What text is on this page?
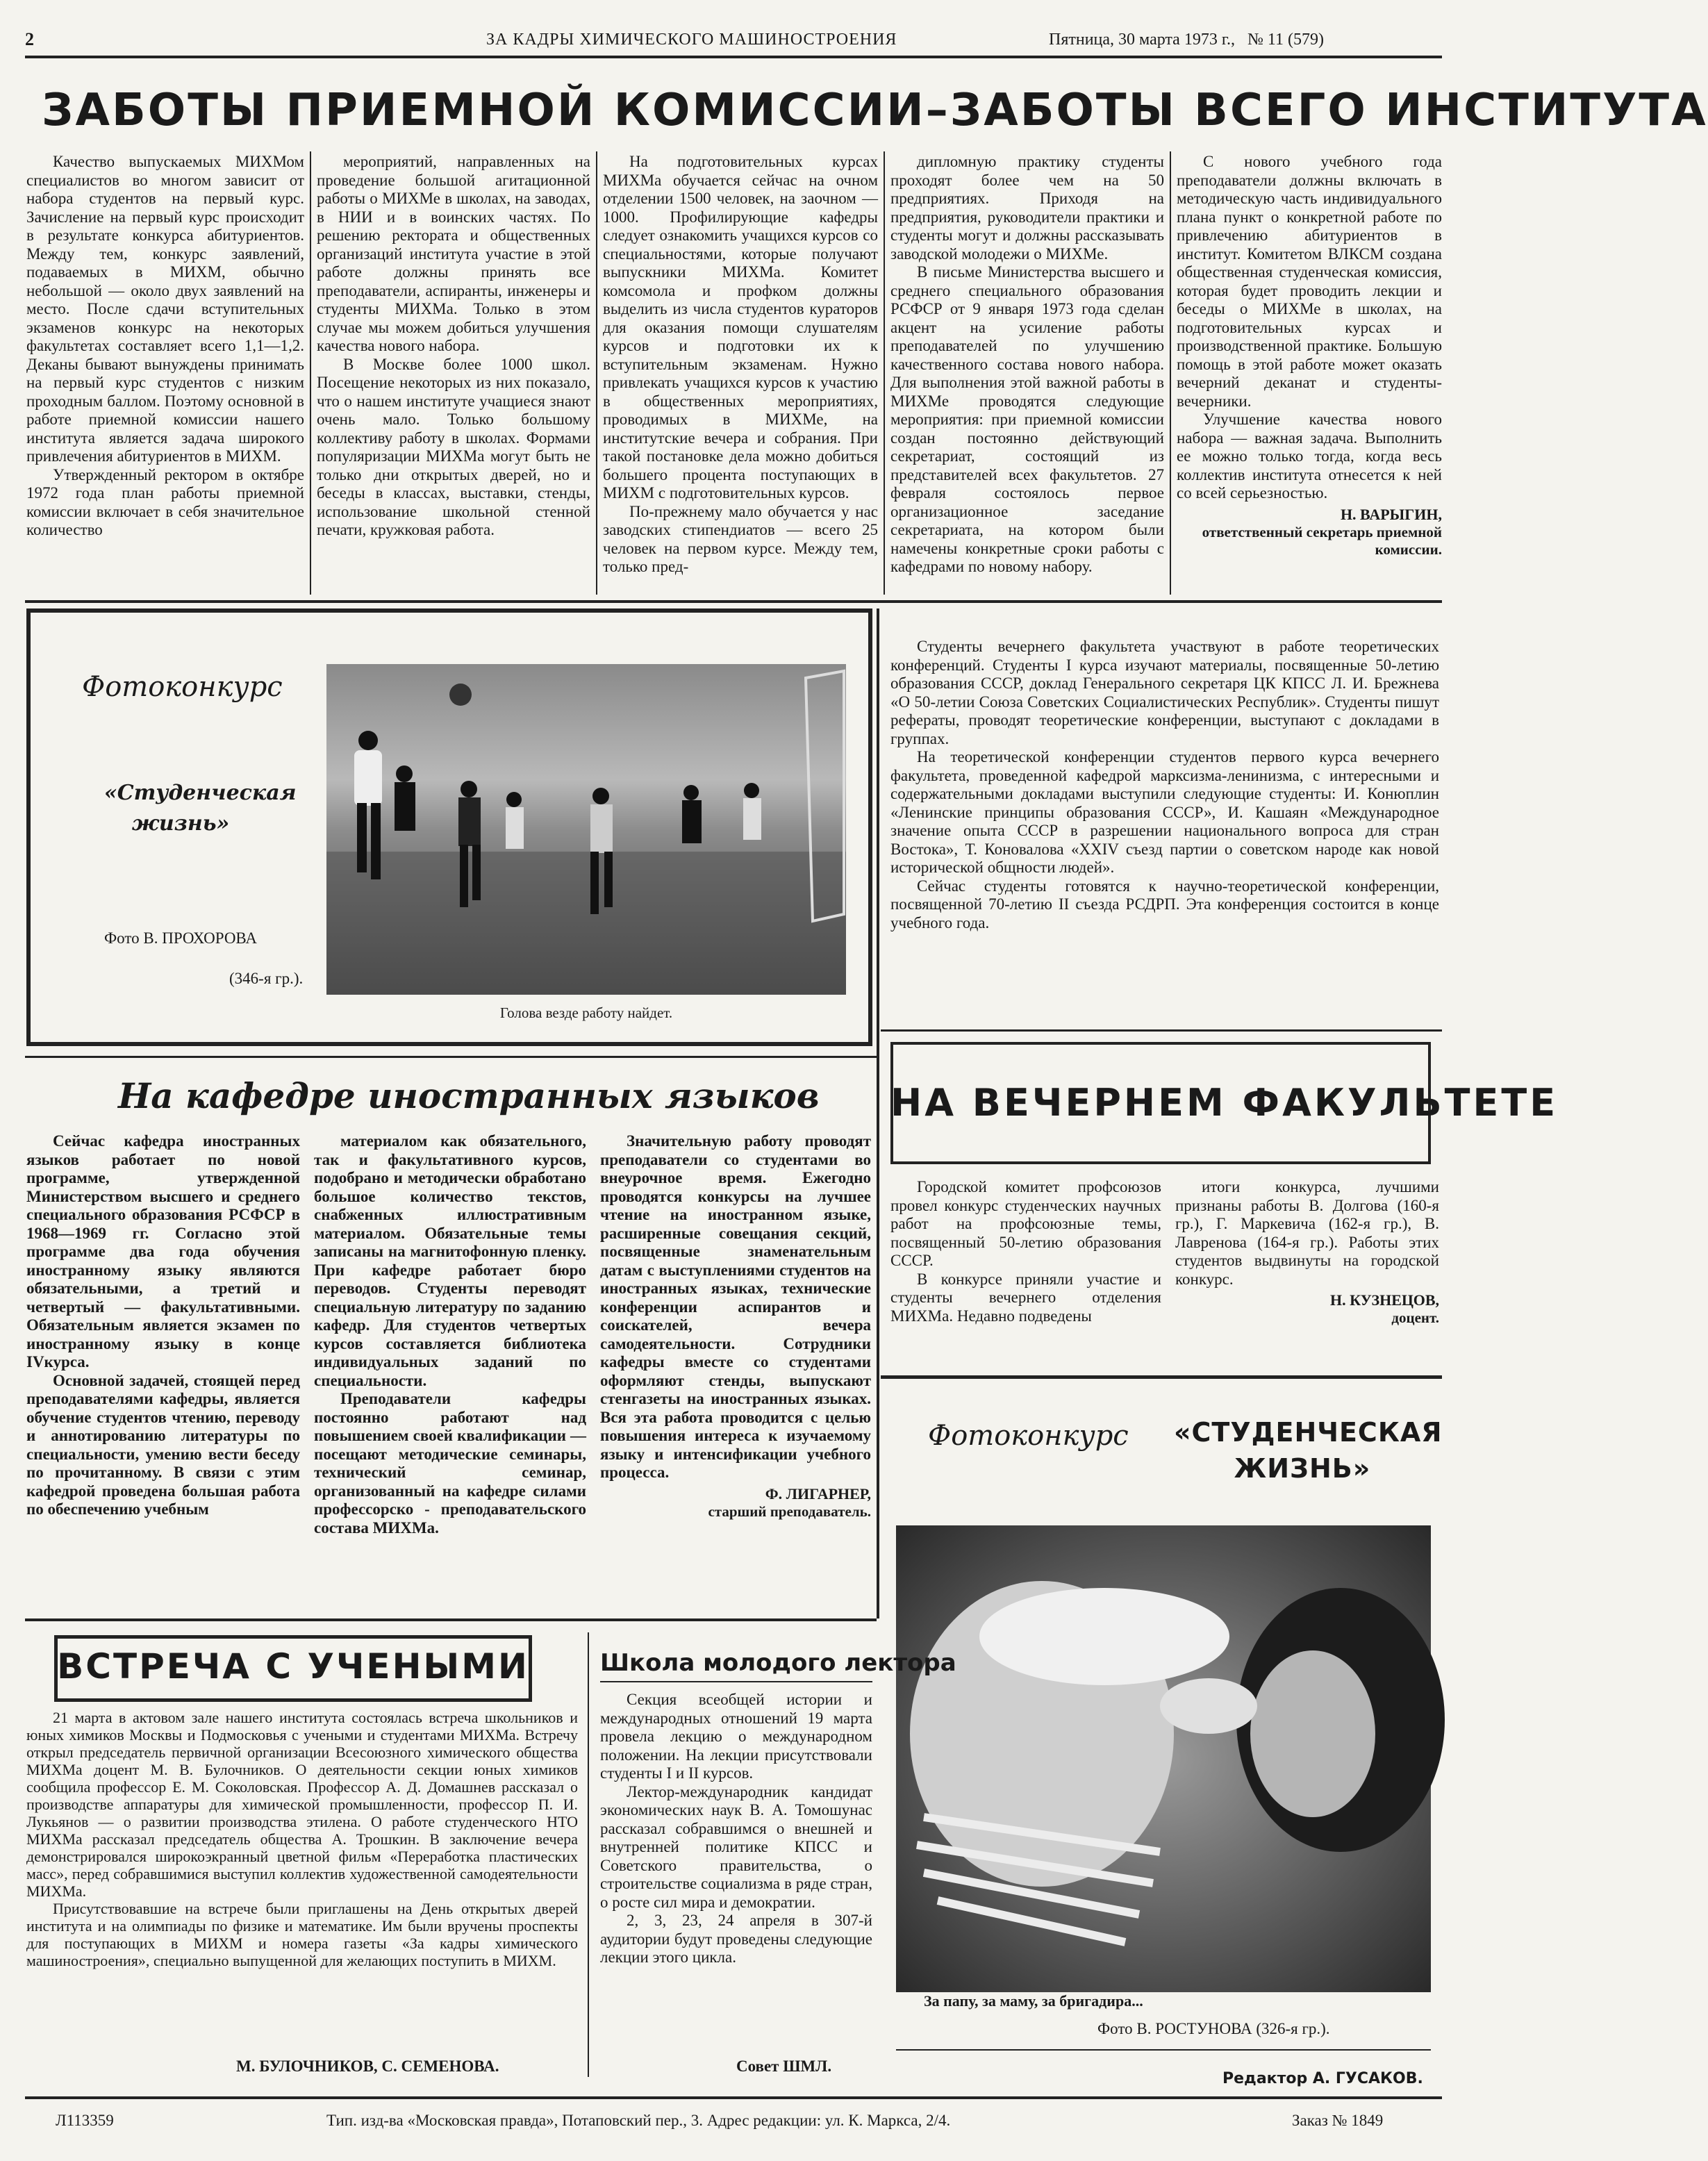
2	ЗА КАДРЫ ХИМИЧЕСКОГО МАШИНОСТРОЕНИЯ	Пятница, 30 марта 1973 г.,   № 11 (579)
ЗАБОТЫ ПРИЕМНОЙ КОМИССИИ–ЗАБОТЫ ВСЕГО ИНСТИТУТА

Качество выпускаемых МИХМом специалистов во многом зависит от набора студентов на первый курс. Зачисление на первый курс происходит в результате конкурса абитуриентов. Между тем, конкурс заявлений, подаваемых в МИХМ, обычно небольшой — около двух заявлений на место. После сдачи вступительных экзаменов конкурс на некоторых факультетах составляет всего 1,1—1,2. Деканы бывают вынуждены принимать на первый курс студентов с низким проходным баллом. Поэтому основной в работе приемной комиссии нашего института является задача широкого привлечения абитуриентов в МИХМ.

Утвержденный ректором в октябре 1972 года план работы приемной комиссии включает в себя значительное количество

мероприятий, направленных на проведение большой агитационной работы о МИХМе в школах, на заводах, в НИИ и в воинских частях. По решению ректората и общественных организаций института участие в этой работе должны принять все преподаватели, аспиранты, инженеры и студенты МИХМа. Только в этом случае мы можем добиться улучшения качества нового набора.

В Москве более 1000 школ. Посещение некоторых из них показало, что о нашем институте учащиеся знают очень мало. Только большому коллективу работу в школах. Формами популяризации МИХМа могут быть не только дни открытых дверей, но и беседы в классах, выставки, стенды, использование школьной стенной печати, кружковая работа.

На подготовительных курсах МИХМа обучается сейчас на очном отделении 1500 человек, на заочном — 1000. Профилирующие кафедры следует ознакомить учащихся курсов со специальностями, которые получают выпускники МИХМа. Комитет комсомола и профком должны выделить из числа студентов кураторов для оказания помощи слушателям курсов и подготовки их к вступительным экзаменам. Нужно привлекать учащихся курсов к участию в общественных мероприятиях, проводимых в МИХМе, на институтские вечера и собрания. При такой постановке дела можно добиться большего процента поступающих в МИХМ с подготовительных курсов.

По-прежнему мало обучается у нас заводских стипендиатов — всего 25 человек на первом курсе. Между тем, только пред-

дипломную практику студенты проходят более чем на 50 предприятиях. Приходя на предприятия, руководители практики и студенты могут и должны рассказывать заводской молодежи о МИХМе.

В письме Министерства высшего и среднего специального образования РСФСР от 9 января 1973 года сделан акцент на усиление работы преподавателей по улучшению качественного состава нового набора. Для выполнения этой важной работы в МИХМе проводятся следующие мероприятия: при приемной комиссии создан постоянно действующий секретариат, состоящий из представителей всех факультетов. 27 февраля состоялось первое организационное заседание секретариата, на котором были намечены конкретные сроки работы с кафедрами по новому набору.

С нового учебного года преподаватели должны включать в методическую часть индивидуального плана пункт о конкретной работе по привлечению абитуриентов в институт. Комитетом ВЛКСМ создана общественная студенческая комиссия, которая будет проводить лекции и беседы о МИХМе в школах, на подготовительных курсах и производственной практике. Большую помощь в этой работе может оказать вечерний деканат и студенты-вечерники.

Улучшение качества нового набора — важная задача. Выполнить ее можно только тогда, когда весь коллектив института отнесется к ней со всей серьезностью.

Н. ВАРЫГИН,

ответственный секретарь приемной комиссии.

Фотоконкурс
«Студенческая жизнь»
Фото В. ПРОХОРОВА
(346-я гр.).
Голова везде работу найдет.

Студенты вечернего факультета участвуют в работе теоретических конференций. Студенты I курса изучают материалы, посвященные 50-летию образования СССР, доклад Генерального секретаря ЦК КПСС Л. И. Брежнева «О 50-летии Союза Советских Социалистических Республик». Студенты пишут рефераты, проводят теоретические конференции, выступают с докладами в группах.

На теоретической конференции студентов первого курса вечернего факультета, проведенной кафедрой марксизма-ленинизма, с интересными и содержательными докладами выступили следующие студенты: И. Конюплин «Ленинские принципы образования СССР», И. Кашаян «Международное значение опыта СССР в разрешении национального вопроса для стран Востока», Т. Коновалова «XXIV съезд партии о советском народе как новой исторической общности людей».

Сейчас студенты готовятся к научно-теоретической конференции, посвященной 70-летию II съезда РСДРП. Эта конференция состоится в конце учебного года.

На кафедре иностранных языков

Сейчас кафедра иностранных языков работает по новой программе, утвержденной Министерством высшего и среднего специального образования РСФСР в 1968—1969 гг. Согласно этой программе два года обучения иностранному языку являются обязательными, а третий и четвертый — факультативными. Обязательным является экзамен по иностранному языку в конце IVкурса.

Основной задачей, стоящей перед преподавателями кафедры, является обучение студентов чтению, переводу и аннотированию литературы по специальности, умению вести беседу по прочитанному. В связи с этим кафедрой проведена большая работа по обеспечению учебным

материалом как обязательного, так и факультативного курсов, подобрано и методически обработано большое количество текстов, снабженных иллюстративным материалом. Обязательные темы записаны на магнитофонную пленку. При кафедре работает бюро переводов. Студенты переводят специальную литературу по заданию кафедр. Для студентов четвертых курсов составляется библиотека индивидуальных заданий по специальности.

Преподаватели кафедры постоянно работают над повышением своей квалификации — посещают методические семинары, технический семинар, организованный на кафедре силами профессорско - преподавательского состава МИХМа.

Значительную работу проводят преподаватели со студентами во внеурочное время. Ежегодно проводятся конкурсы на лучшее чтение на иностранном языке, расширенные совещания секций, посвященные знаменательным датам с выступлениями студентов на иностранных языках, технические конференции аспирантов и соискателей, вечера самодеятельности. Сотрудники кафедры вместе со студентами оформляют стенды, выпускают стенгазеты на иностранных языках. Вся эта работа проводится с целью повышения интереса к изучаемому языку и интенсификации учебного процесса.

Ф. ЛИГАРНЕР,

старший преподаватель.

НА ВЕЧЕРНЕМ ФАКУЛЬТЕТЕ

Городской комитет профсоюзов провел конкурс студенческих научных работ на профсоюзные темы, посвященный 50-летию образования СССР.

В конкурсе приняли участие и студенты вечернего отделения МИХМа. Недавно подведены

итоги конкурса, лучшими признаны работы В. Долгова (160-я гр.), Г. Маркевича (162-я гр.), В. Лавренова (164-я гр.). Работы этих студентов выдвинуты на городской конкурс.

Н. КУЗНЕЦОВ,

доцент.

Фотоконкурс «СТУДЕНЧЕСКАЯ ЖИЗНЬ»
За папу, за маму, за бригадира...
Фото В. РОСТУНОВА (326-я гр.).
ВСТРЕЧА С УЧЕНЫМИ

21 марта в актовом зале нашего института состоялась встреча школьников и юных химиков Москвы и Подмосковья с учеными и студентами МИХМа. Встречу открыл председатель первичной организации Всесоюзного химического общества МИХМа доцент М. В. Булочников. О деятельности секции юных химиков сообщила профессор Е. М. Соколовская. Профессор А. Д. Домашнев рассказал о производстве аппаратуры для химической промышленности, профессор П. И. Лукьянов — о развитии производства этилена. О работе студенческого НТО МИХМа рассказал председатель общества А. Трошкин. В заключение вечера демонстрировался широкоэкранный цветной фильм «Переработка пластических масс», перед собравшимися выступил коллектив художественной самодеятельности МИХМа.

Присутствовавшие на встрече были приглашены на День открытых дверей института и на олимпиады по физике и математике. Им были вручены проспекты для поступающих в МИХМ и номера газеты «За кадры химического машиностроения», специально выпущенной для желающих поступить в МИХМ.

М. БУЛОЧНИКОВ, С. СЕМЕНОВА.
Школа молодого лектора

Секция всеобщей истории и международных отношений 19 марта провела лекцию о международном положении. На лекции присутствовали студенты I и II курсов.

Лектор-международник кандидат экономических наук В. А. Томошунас рассказал собравшимся о внешней и внутренней политике КПСС и Советского правительства, о строительстве социализма в ряде стран, о росте сил мира и демократии.

2, 3, 23, 24 апреля в 307-й аудитории будут проведены следующие лекции этого цикла.

Совет ШМЛ.
Редактор А. ГУСАКОВ.
Л113359	Тип. изд-ва «Московская правда», Потаповский пер., 3. Адрес редакции: ул. К. Маркса, 2/4.	Заказ № 1849
